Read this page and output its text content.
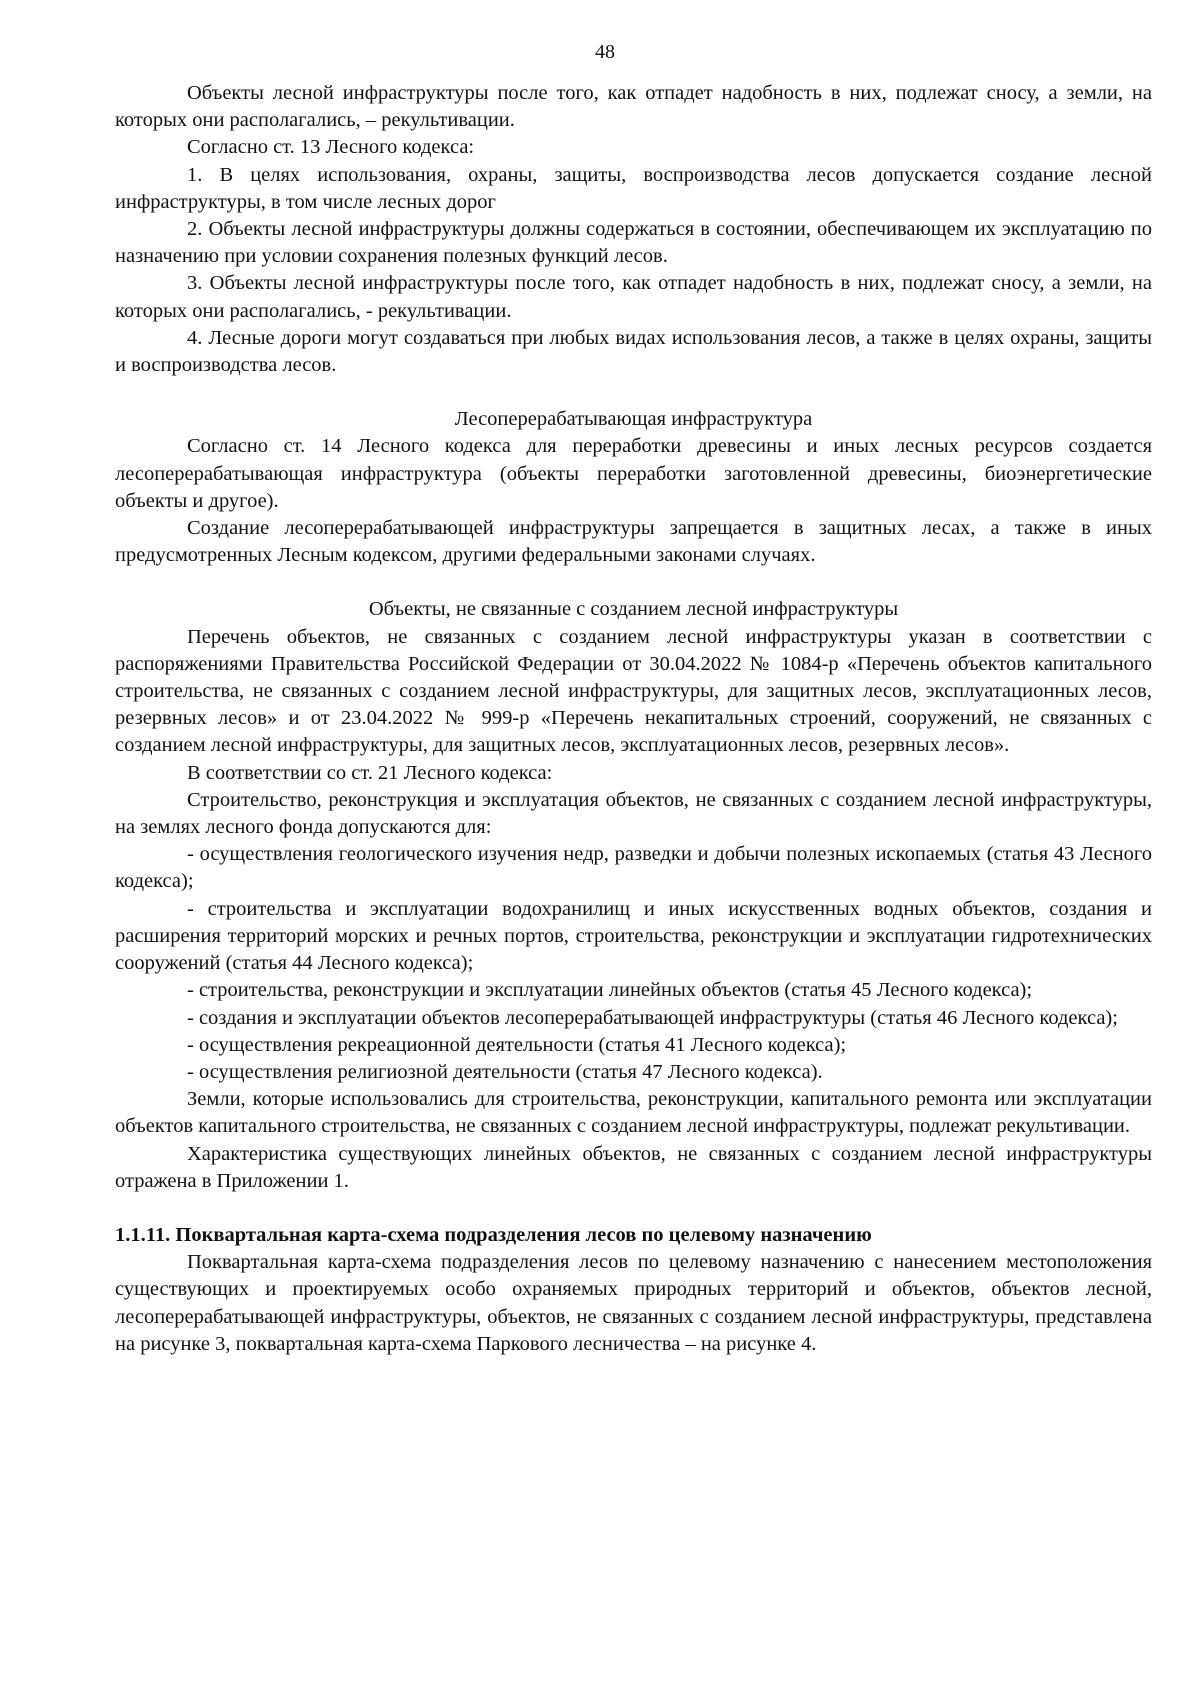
48

Объекты лесной инфраструктуры после того, как отпадет надобность в них, подлежат сносу, а земли, на которых они располагались, – рекультивации.

Согласно ст. 13 Лесного кодекса:

1. В целях использования, охраны, защиты, воспроизводства лесов допускается создание лесной инфраструктуры, в том числе лесных дорог

2. Объекты лесной инфраструктуры должны содержаться в состоянии, обеспечивающем их эксплуатацию по назначению при условии сохранения полезных функций лесов.

3. Объекты лесной инфраструктуры после того, как отпадет надобность в них, подлежат сносу, а земли, на которых они располагались, - рекультивации.

4. Лесные дороги могут создаваться при любых видах использования лесов, а также в целях охраны, защиты и воспроизводства лесов.

Лесоперерабатывающая инфраструктура

Согласно ст. 14 Лесного кодекса для переработки древесины и иных лесных ресурсов создается лесоперерабатывающая инфраструктура (объекты переработки заготовленной древесины, биоэнергетические объекты и другое).

Создание лесоперерабатывающей инфраструктуры запрещается в защитных лесах, а также в иных предусмотренных Лесным кодексом, другими федеральными законами случаях.

Объекты, не связанные с созданием лесной инфраструктуры

Перечень объектов, не связанных с созданием лесной инфраструктуры указан в соответствии с распоряжениями Правительства Российской Федерации от 30.04.2022 № 1084-р «Перечень объектов капитального строительства, не связанных с созданием лесной инфраструктуры, для защитных лесов, эксплуатационных лесов, резервных лесов» и от 23.04.2022 № 999-р «Перечень некапитальных строений, сооружений, не связанных с созданием лесной инфраструктуры, для защитных лесов, эксплуатационных лесов, резервных лесов».

В соответствии со ст. 21 Лесного кодекса:

Строительство, реконструкция и эксплуатация объектов, не связанных с созданием лесной инфраструктуры, на землях лесного фонда допускаются для:

- осуществления геологического изучения недр, разведки и добычи полезных ископаемых (статья 43 Лесного кодекса);

- строительства и эксплуатации водохранилищ и иных искусственных водных объектов, создания и расширения территорий морских и речных портов, строительства, реконструкции и эксплуатации гидротехнических сооружений (статья 44 Лесного кодекса);

- строительства, реконструкции и эксплуатации линейных объектов (статья 45 Лесного кодекса);

- создания и эксплуатации объектов лесоперерабатывающей инфраструктуры (статья 46 Лесного кодекса);

- осуществления рекреационной деятельности (статья 41 Лесного кодекса);

- осуществления религиозной деятельности (статья 47 Лесного кодекса).

Земли, которые использовались для строительства, реконструкции, капитального ремонта или эксплуатации объектов капитального строительства, не связанных с созданием лесной инфраструктуры, подлежат рекультивации.

Характеристика существующих линейных объектов, не связанных с созданием лесной инфраструктуры отражена в Приложении 1.

1.1.11. Поквартальная карта-схема подразделения лесов по целевому назначению

Поквартальная карта-схема подразделения лесов по целевому назначению с нанесением местоположения существующих и проектируемых особо охраняемых природных территорий и объектов, объектов лесной, лесоперерабатывающей инфраструктуры, объектов, не связанных с созданием лесной инфраструктуры, представлена на рисунке 3, поквартальная карта-схема Паркового лесничества – на рисунке 4.
